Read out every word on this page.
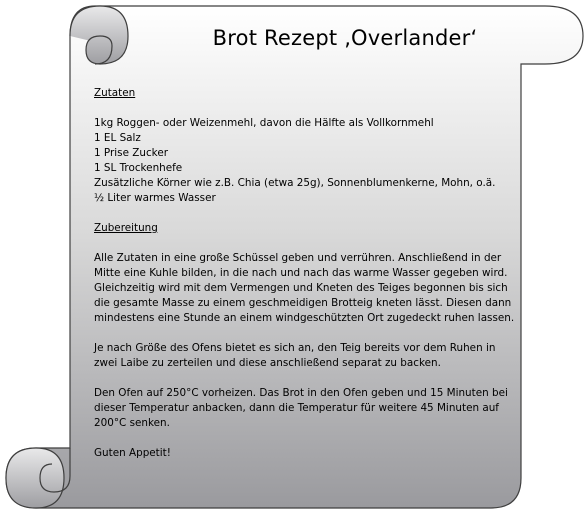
Brot Rezept ‚Overlander‘
Zutaten
1kg Roggen- oder Weizenmehl, davon die Hälfte als Vollkornmehl
1 EL Salz
1 Prise Zucker
1 SL Trockenhefe
Zusätzliche Körner wie z.B. Chia (etwa 25g), Sonnenblumenkerne, Mohn, o.ä.
½ Liter warmes Wasser
Zubereitung
Alle Zutaten in eine große Schüssel geben und verrühren. Anschließend in der
Mitte eine Kuhle bilden, in die nach und nach das warme Wasser gegeben wird.
Gleichzeitig wird mit dem Vermengen und Kneten des Teiges begonnen bis sich
die gesamte Masse zu einem geschmeidigen Brotteig kneten lässt. Diesen dann
mindestens eine Stunde an einem windgeschützten Ort zugedeckt ruhen lassen.
Je nach Größe des Ofens bietet es sich an, den Teig bereits vor dem Ruhen in
zwei Laibe zu zerteilen und diese anschließend separat zu backen.
Den Ofen auf 250°C vorheizen. Das Brot in den Ofen geben und 15 Minuten bei
dieser Temperatur anbacken, dann die Temperatur für weitere 45 Minuten auf
200°C senken.
Guten Appetit!
